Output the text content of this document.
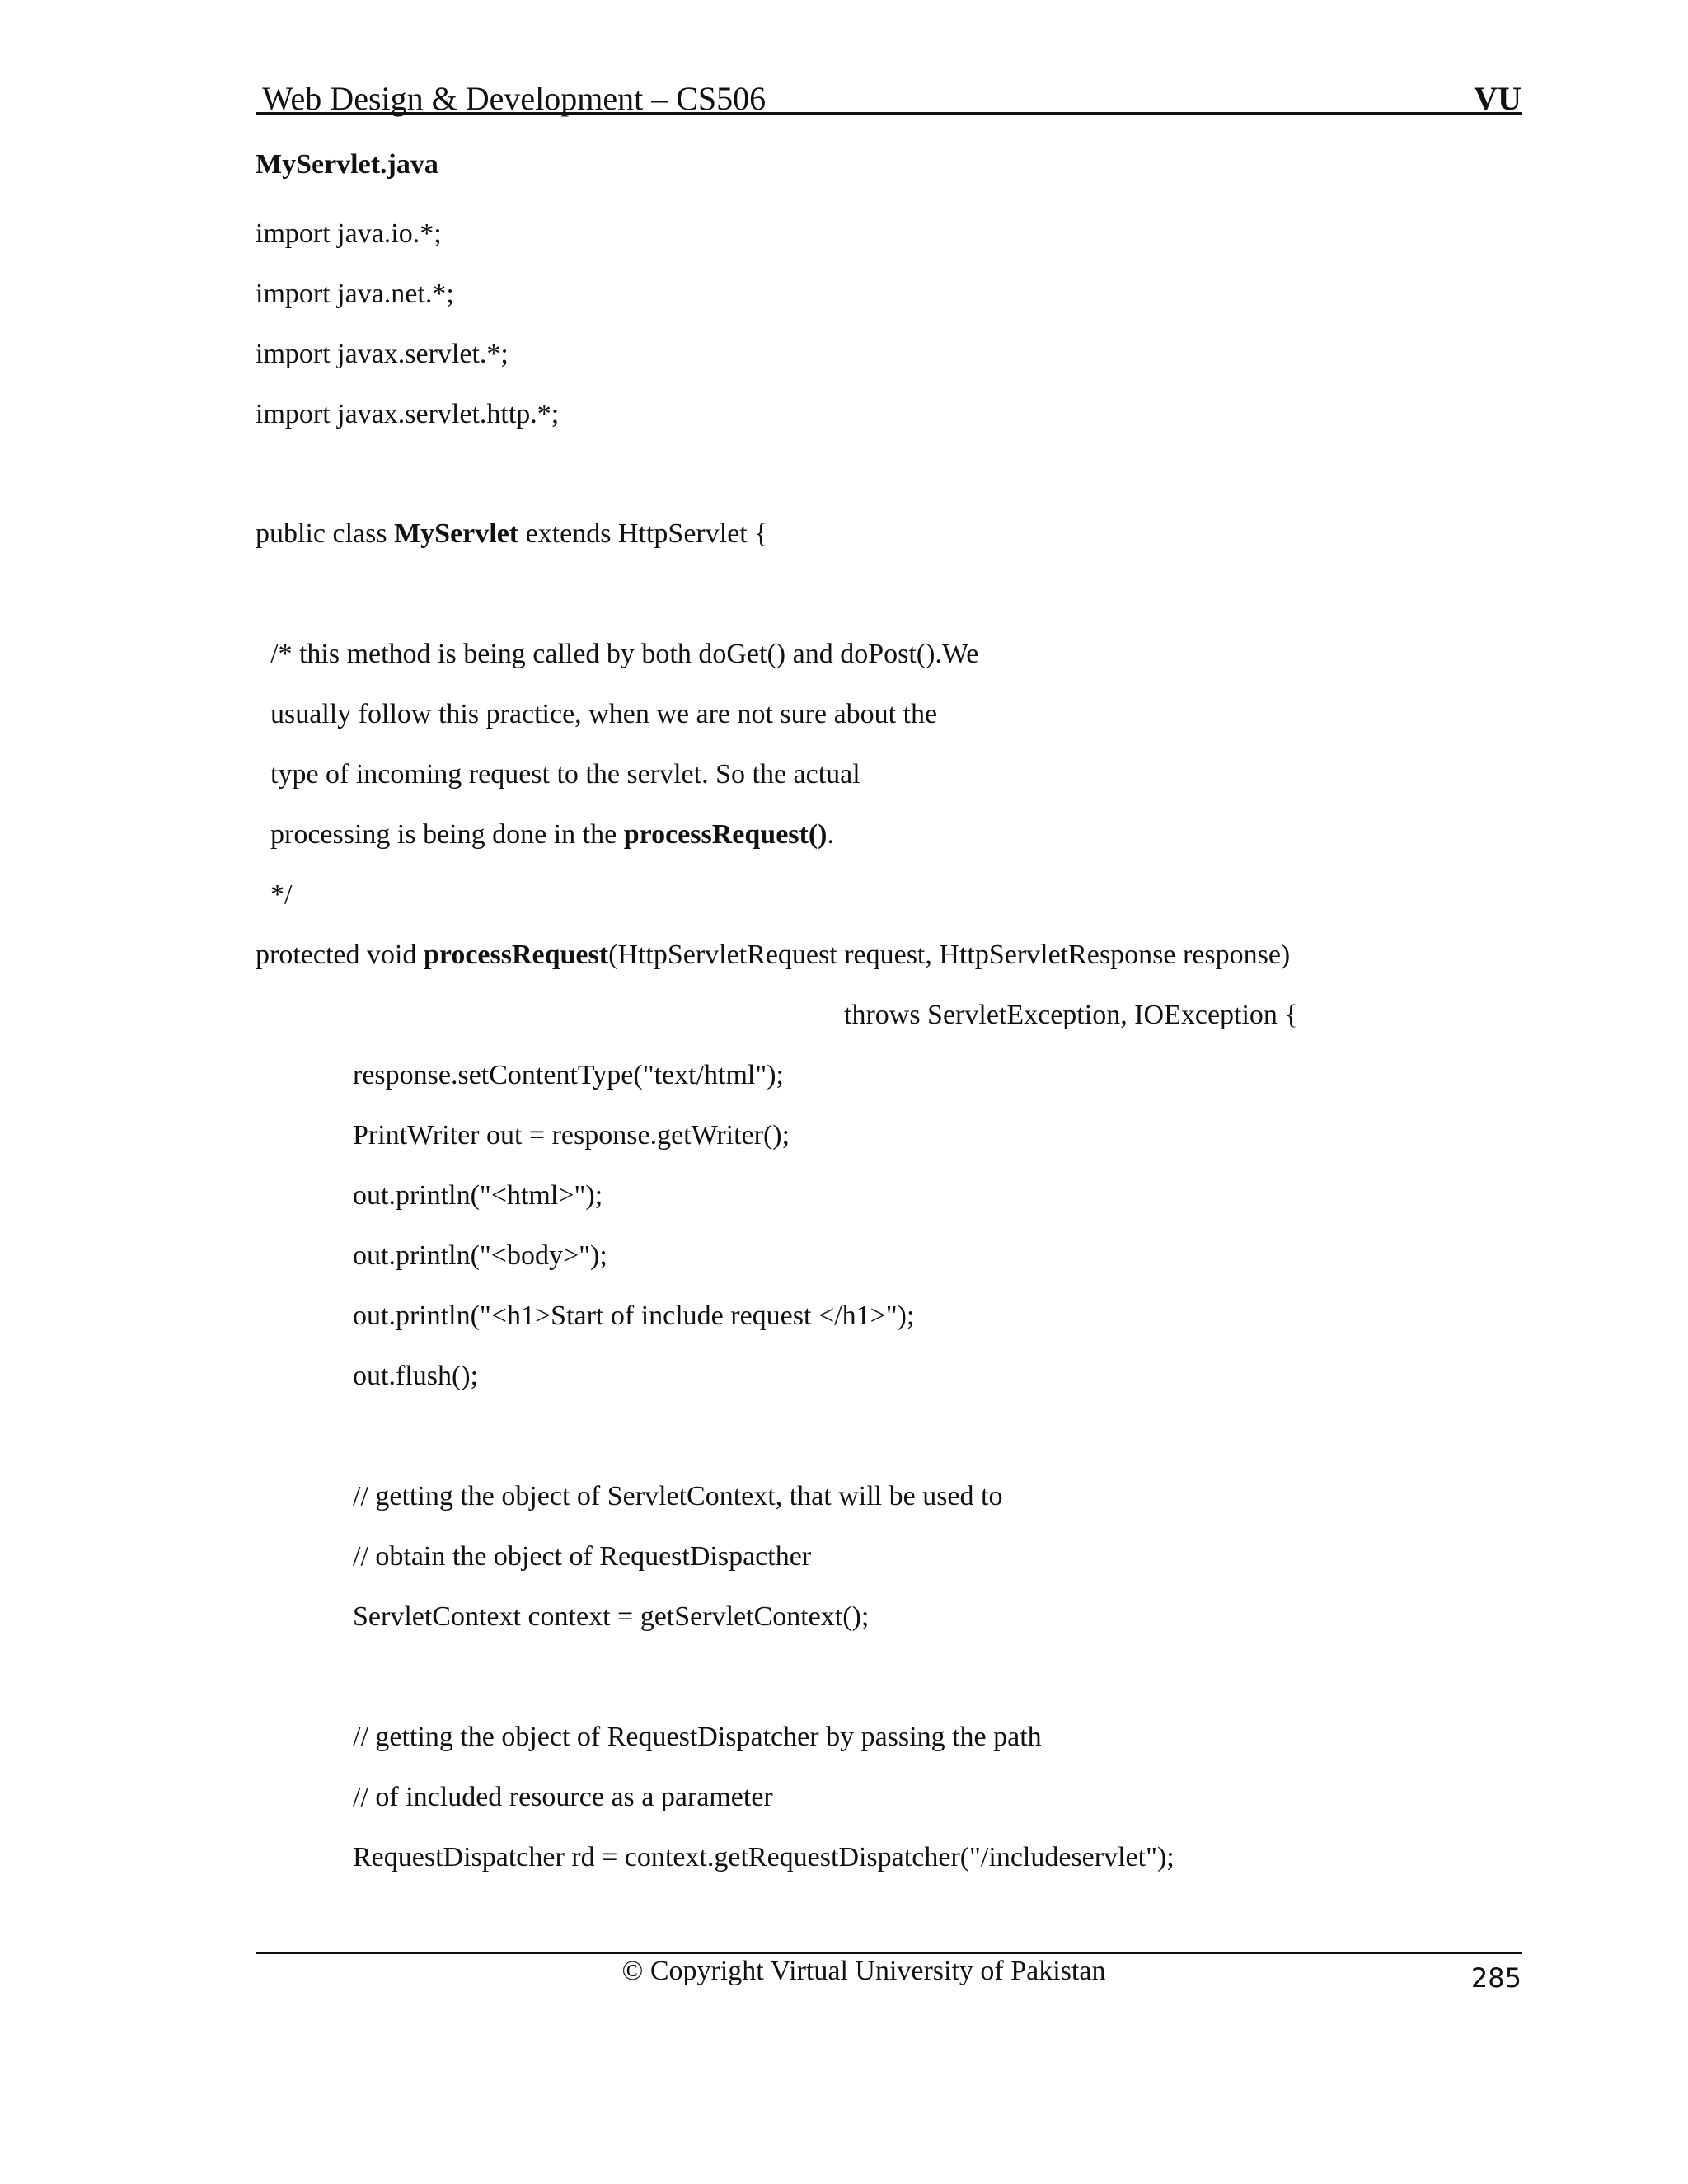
Web Design & Development – CS506	VU
MyServlet.java
import java.io.*;
import java.net.*;
import javax.servlet.*;
import javax.servlet.http.*;
public class MyServlet extends HttpServlet {
/* this method is being called by both doGet() and doPost().We
usually follow this practice, when we are not sure about the
type of incoming request to the servlet. So the actual
processing is being done in the processRequest().
*/
protected void processRequest(HttpServletRequest request, HttpServletResponse response)
throws ServletException, IOException {
response.setContentType("text/html");
PrintWriter out = response.getWriter();
out.println("<html>");
out.println("<body>");
out.println("<h1>Start of include request </h1>");
out.flush();
// getting the object of ServletContext, that will be used to
// obtain the object of RequestDispacther
ServletContext context = getServletContext();
// getting the object of RequestDispatcher by passing the path
// of included resource as a parameter
RequestDispatcher rd = context.getRequestDispatcher("/includeservlet");
© Copyright Virtual University of Pakistan	285
